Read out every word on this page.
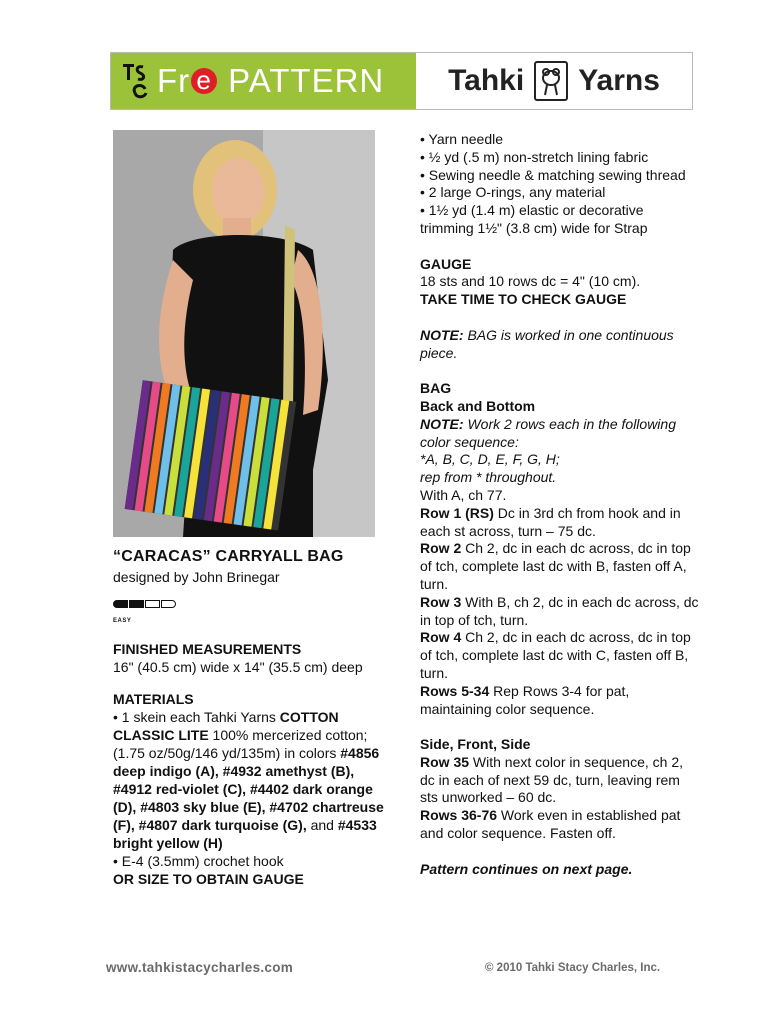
Fr e PATTERN Tahki Yarns

“CARACAS” CARRYALL BAG

designed by John Brinegar

EASY

FINISHED MEASUREMENTS

16" (40.5 cm) wide x 14" (35.5 cm) deep

MATERIALS

• 1 skein each Tahki Yarns COTTON CLASSIC LITE 100% mercerized cotton; (1.75 oz/50g/146 yd/135m) in colors #4856 deep indigo (A), #4932 amethyst (B), #4912 red-violet (C), #4402 dark orange (D), #4803 sky blue (E), #4702 chartreuse (F), #4807 dark turquoise (G), and #4533 bright yellow (H)

• E-4 (3.5mm) crochet hook

OR SIZE TO OBTAIN GAUGE

• Yarn needle

• ½ yd (.5 m) non-stretch lining fabric

• Sewing needle & matching sewing thread

• 2 large O-rings, any material

• 1½ yd (1.4 m) elastic or decorative trimming 1½" (3.8 cm) wide for Strap

GAUGE

18 sts and 10 rows dc = 4" (10 cm).

TAKE TIME TO CHECK GAUGE

NOTE: BAG is worked in one continuous piece.

BAG

Back and Bottom

NOTE: Work 2 rows each in the following color sequence:

*A, B, C, D, E, F, G, H;

rep from * throughout.

With A, ch 77.

Row 1 (RS) Dc in 3rd ch from hook and in each st across, turn – 75 dc.

Row 2 Ch 2, dc in each dc across, dc in top of tch, complete last dc with B, fasten off A, turn.

Row 3 With B, ch 2, dc in each dc across, dc in top of tch, turn.

Row 4 Ch 2, dc in each dc across, dc in top of tch, complete last dc with C, fasten off B, turn.

Rows 5-34 Rep Rows 3-4 for pat, maintaining color sequence.

Side, Front, Side

Row 35 With next color in sequence, ch 2, dc in each of next 59 dc, turn, leaving rem sts unworked – 60 dc.

Rows 36-76 Work even in established pat and color sequence. Fasten off.

Pattern continues on next page.

www.tahkistacycharles.com	© 2010 Tahki Stacy Charles, Inc.
